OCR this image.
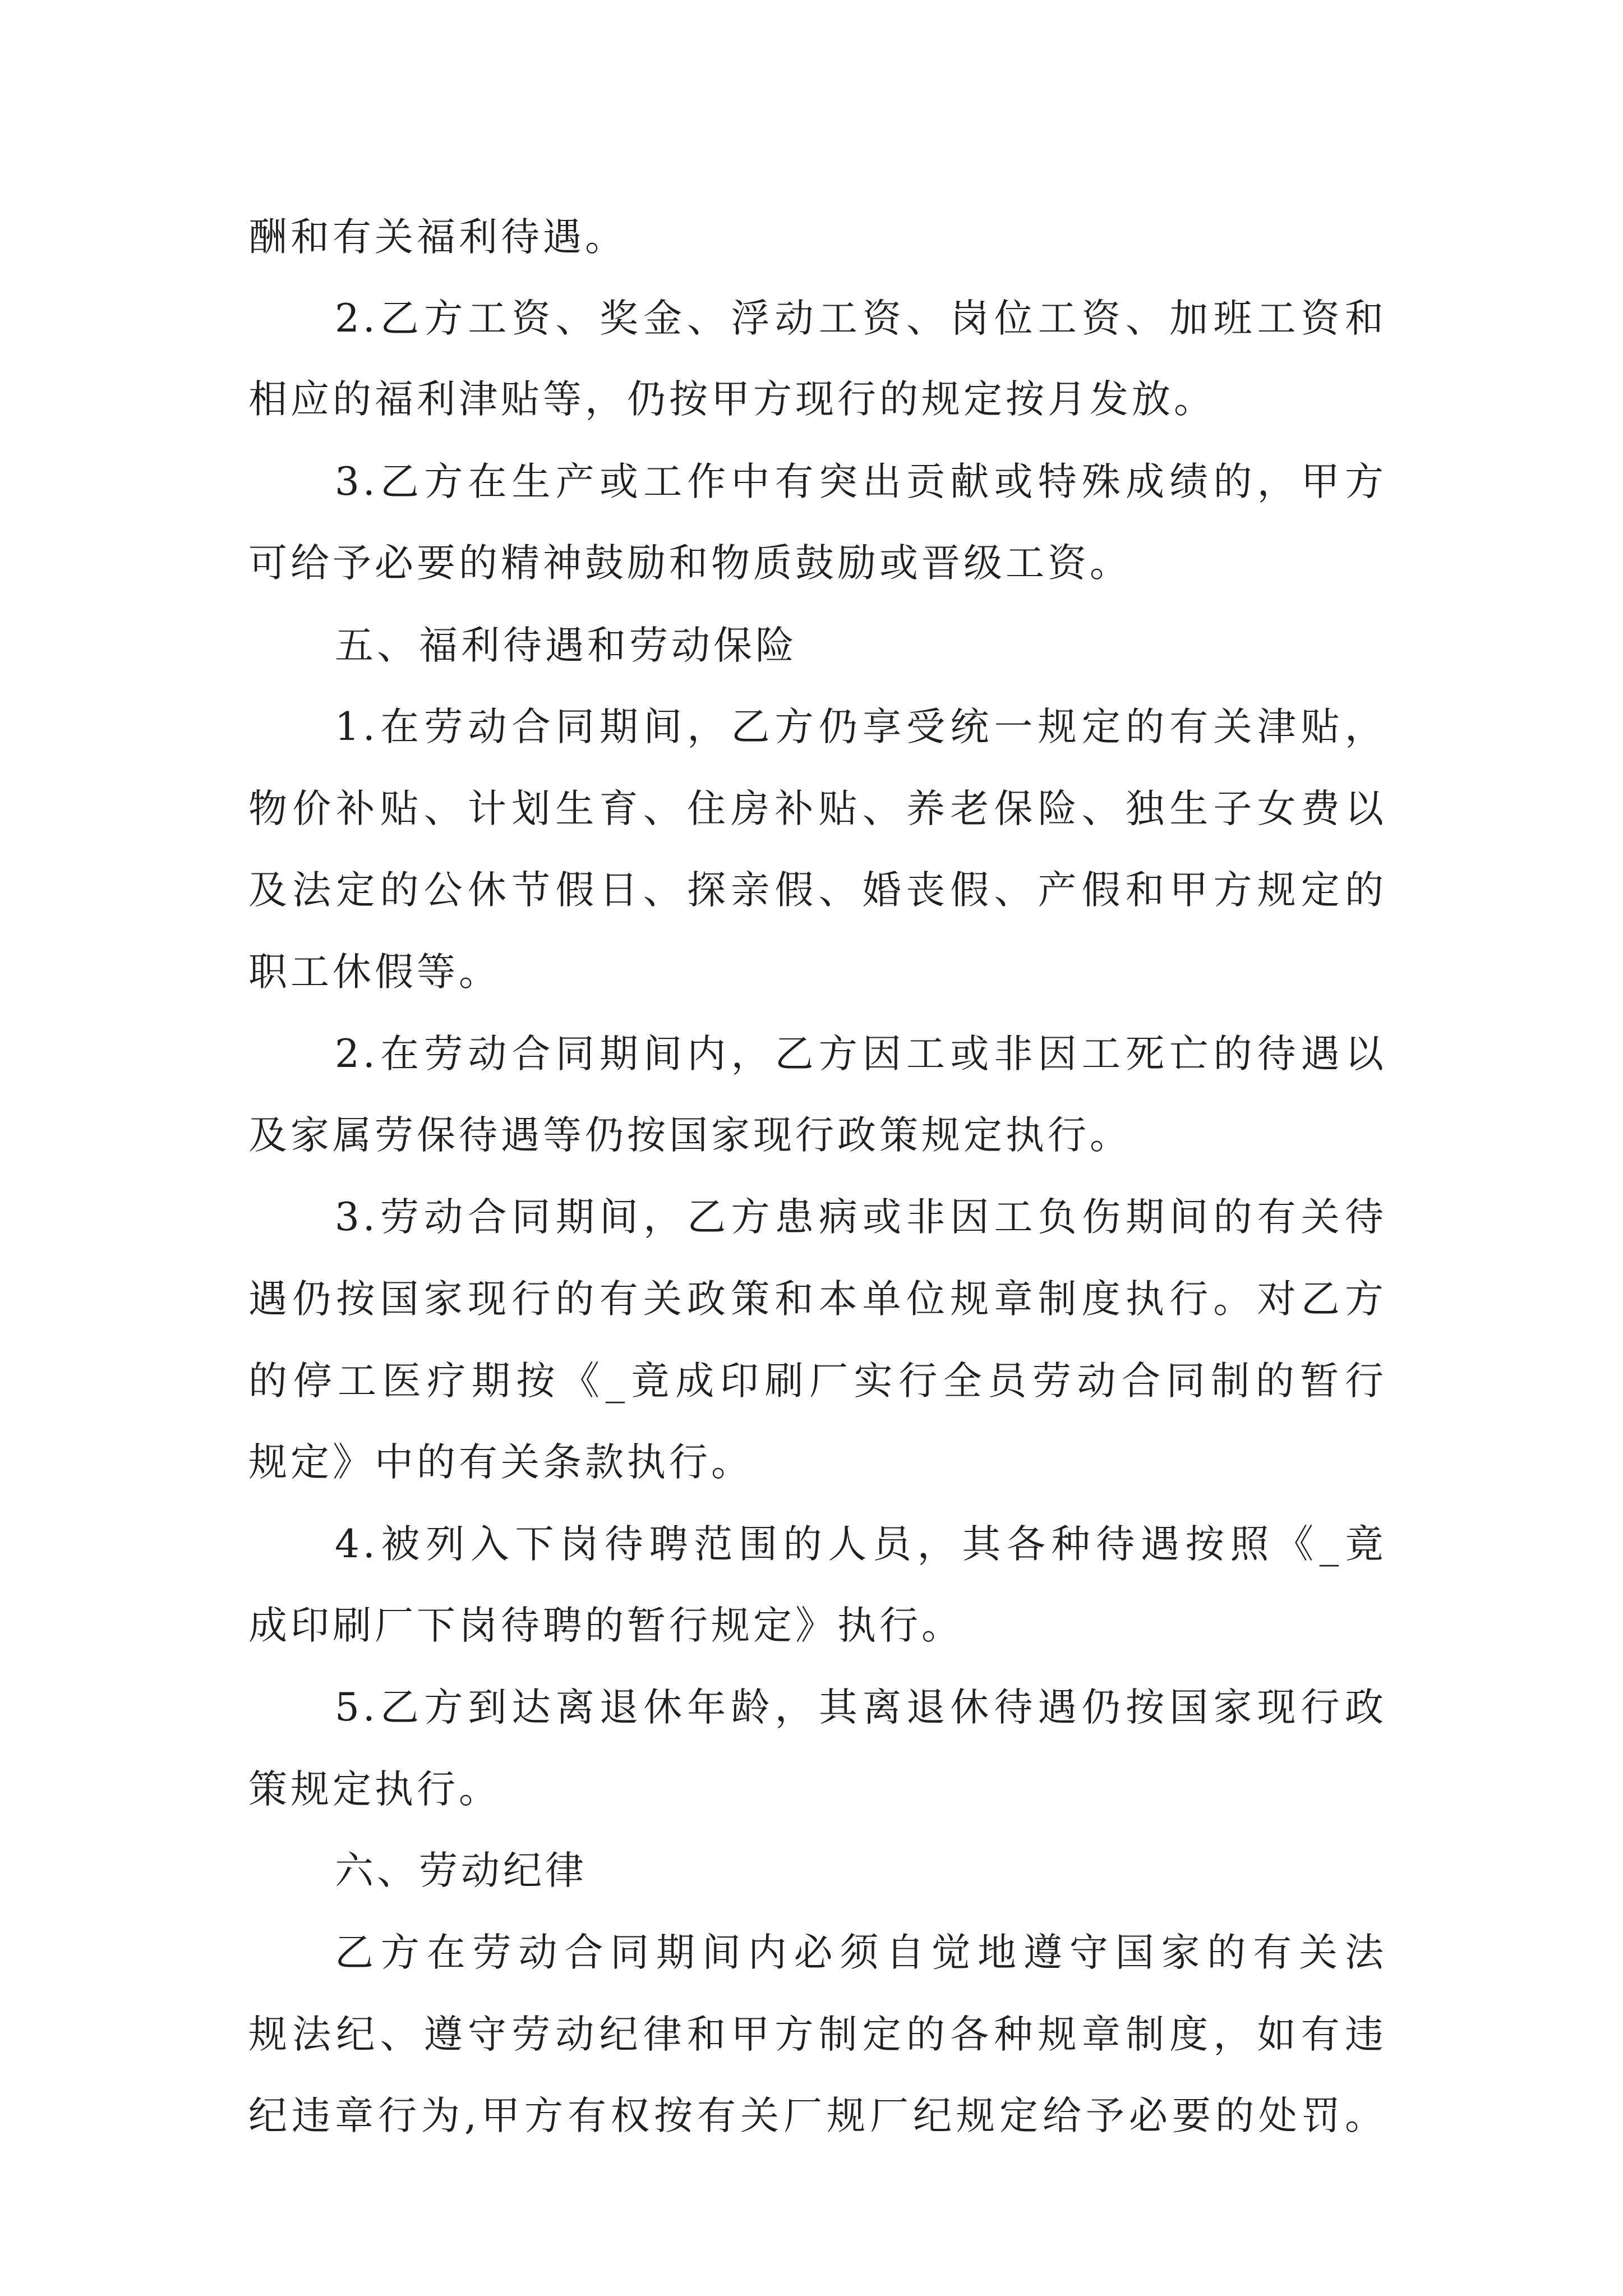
酬和有关福利待遇。
2.乙方工资、奖金、浮动工资、岗位工资、加班工资和
相应的福利津贴等，仍按甲方现行的规定按月发放。
3.乙方在生产或工作中有突出贡献或特殊成绩的，甲方
可给予必要的精神鼓励和物质鼓励或晋级工资。
五、福利待遇和劳动保险
1.在劳动合同期间，乙方仍享受统一规定的有关津贴，
物价补贴、计划生育、住房补贴、养老保险、独生子女费以
及法定的公休节假日、探亲假、婚丧假、产假和甲方规定的
职工休假等。
2.在劳动合同期间内，乙方因工或非因工死亡的待遇以
及家属劳保待遇等仍按国家现行政策规定执行。
3.劳动合同期间，乙方患病或非因工负伤期间的有关待
遇仍按国家现行的有关政策和本单位规章制度执行。对乙方
的停工医疗期按《_竟成印刷厂实行全员劳动合同制的暂行
规定》中的有关条款执行。
4.被列入下岗待聘范围的人员，其各种待遇按照《_竟
成印刷厂下岗待聘的暂行规定》执行。
5.乙方到达离退休年龄，其离退休待遇仍按国家现行政
策规定执行。
六、劳动纪律
乙方在劳动合同期间内必须自觉地遵守国家的有关法
规法纪、遵守劳动纪律和甲方制定的各种规章制度，如有违
纪违章行为,甲方有权按有关厂规厂纪规定给予必要的处罚。
